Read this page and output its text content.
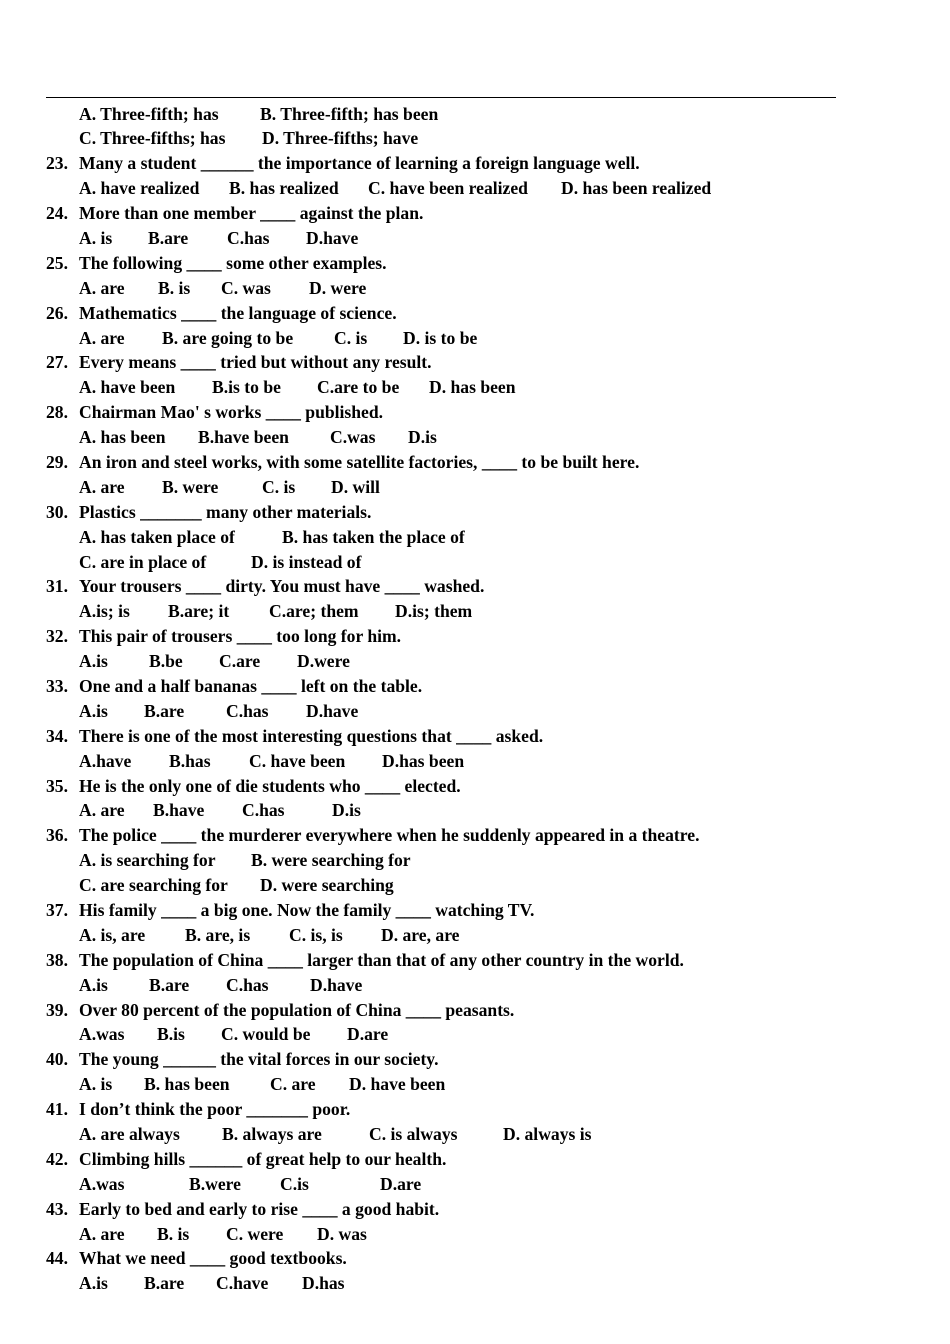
A. Three-fifth; has B. Three-fifth; has been
C. Three-fifths; has D. Three-fifths; have
23. Many a student ______ the importance of learning a foreign language well.
A. have realized B. has realized C. have been realized D. has been realized
24. More than one member ____ against the plan.
A. is B.are C.has D.have
25. The following ____ some other examples.
A. are B. is C. was D. were
26. Mathematics ____ the language of science.
A. are B. are going to be C. is D. is to be
27. Every means ____ tried but without any result.
A. have been B.is to be C.are to be D. has been
28. Chairman Mao' s works ____ published.
A. has been B.have been C.was D.is
29. An iron and steel works, with some satellite factories, ____ to be built here.
A. are B. were C. is D. will
30. Plastics _______ many other materials.
A. has taken place of	B. has taken the place of
C. are in place of	D. is instead of
31. Your trousers ____ dirty. You must have ____ washed.
A.is; is B.are; it C.are; them D.is; them
32. This pair of trousers ____ too long for him.
A.is B.be C.are D.were
33. One and a half bananas ____ left on the table.
A.is B.are C.has D.have
34. There is one of the most interesting questions that ____ asked.
A.have B.has C. have been D.has been
35. He is the only one of die students who ____ elected.
A. are B.have C.has	D.is
36. The police ____ the murderer everywhere when he suddenly appeared in a theatre.
A. is searching for B. were searching for
C. are searching for D. were searching
37. His family ____ a big one. Now the family ____ watching TV.
A. is, are B. are, is C. is, is D. are, are
38. The population of China ____ larger than that of any other country in the world.
A.is B.are C.has D.have
39. Over 80 percent of the population of China ____ peasants.
A.was B.is C. would be D.are
40. The young ______ the vital forces in our society.
A. is B. has been C. are D. have been
41. I don’t think the poor _______ poor.
A. are always B. always are	C. is always	D. always is
42. Climbing hills ______ of great help to our health.
A.was	B.were C.is	D.are
43. Early to bed and early to rise ____ a good habit.
A. are B. is C. were D. was
44. What we need ____ good textbooks.
A.is B.are C.have D.has
